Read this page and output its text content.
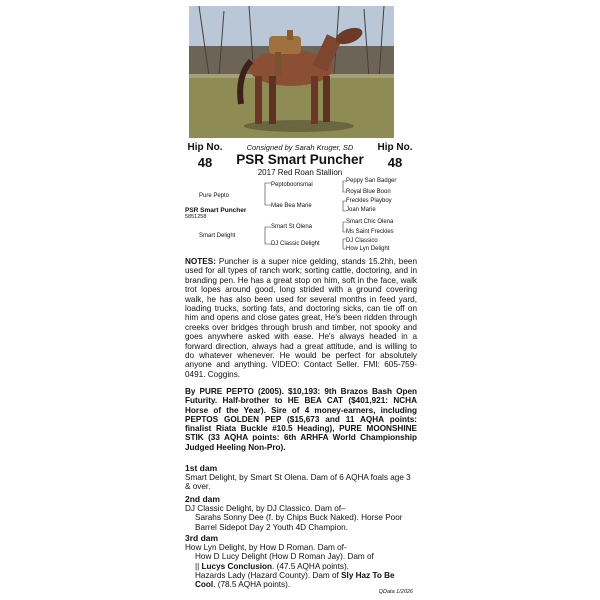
Hip No.
48
Hip No.
48
Consigned by Sarah Kruger, SD
PSR Smart Puncher
2017 Red Roan Stallion
Peptoboonsmal
Peppy San Badger
Royal Blue Boon
Pure Pepto
Freckles Playboy
Mae Bea Marie
Joan Marie
PSR Smart Puncher
5851258
Smart Chic Olena
Smart St Olena
Ms Saint Freckles
Smart Delight
DJ Classico
DJ Classic Delight
How Lyn Delight
NOTES: Puncher is a super nice gelding, stands 15.2hh, been used for all types of ranch work; sorting cattle, doctoring, and in branding pen. He has a great stop on him, soft in the face, walk trot lopes around good, long strided with a ground covering walk, he has also been used for several months in feed yard, loading trucks, sorting fats, and doctoring sicks, can tie off on him and opens and close gates great, He's been ridden through creeks over bridges through brush and timber, not spooky and goes anywhere asked with ease. He's always headed in a forward direction, always had a great attitude, and is willing to do whatever whenever. He would be perfect for absolutely anyone and anything. VIDEO: Contact Seller. FMI: 605-759-0491. Coggins.
By PURE PEPTO (2005). $10,193: 9th Brazos Bash Open Futurity. Half-brother to HE BEA CAT ($401,921: NCHA Horse of the Year). Sire of 4 money-earners, including PEPTOS GOLDEN PEP ($15,673 and 11 AQHA points: finalist Riata Buckle #10.5 Heading), PURE MOONSHINE STIK (33 AQHA points: 6th ARHFA World Championship Judged Heeling Non-Pro).
1st dam
Smart Delight, by Smart St Olena. Dam of 6 AQHA foals age 3 & over.
2nd dam
DJ Classic Delight, by DJ Classico. Dam of–
Sarahs Sonny Dee (f. by Chips Buck Naked). Horse Poor Barrel Sidepot Day 2 Youth 4D Champion.
3rd dam
How Lyn Delight, by How D Roman. Dam of-
How D Lucy Delight (How D Roman Jay). Dam of
|| Lucys Conclusion. (47.5 AQHA points).
Hazards Lady (Hazard County). Dam of Sly Haz To Be Cool. (78.5 AQHA points).
QData 1/2026
